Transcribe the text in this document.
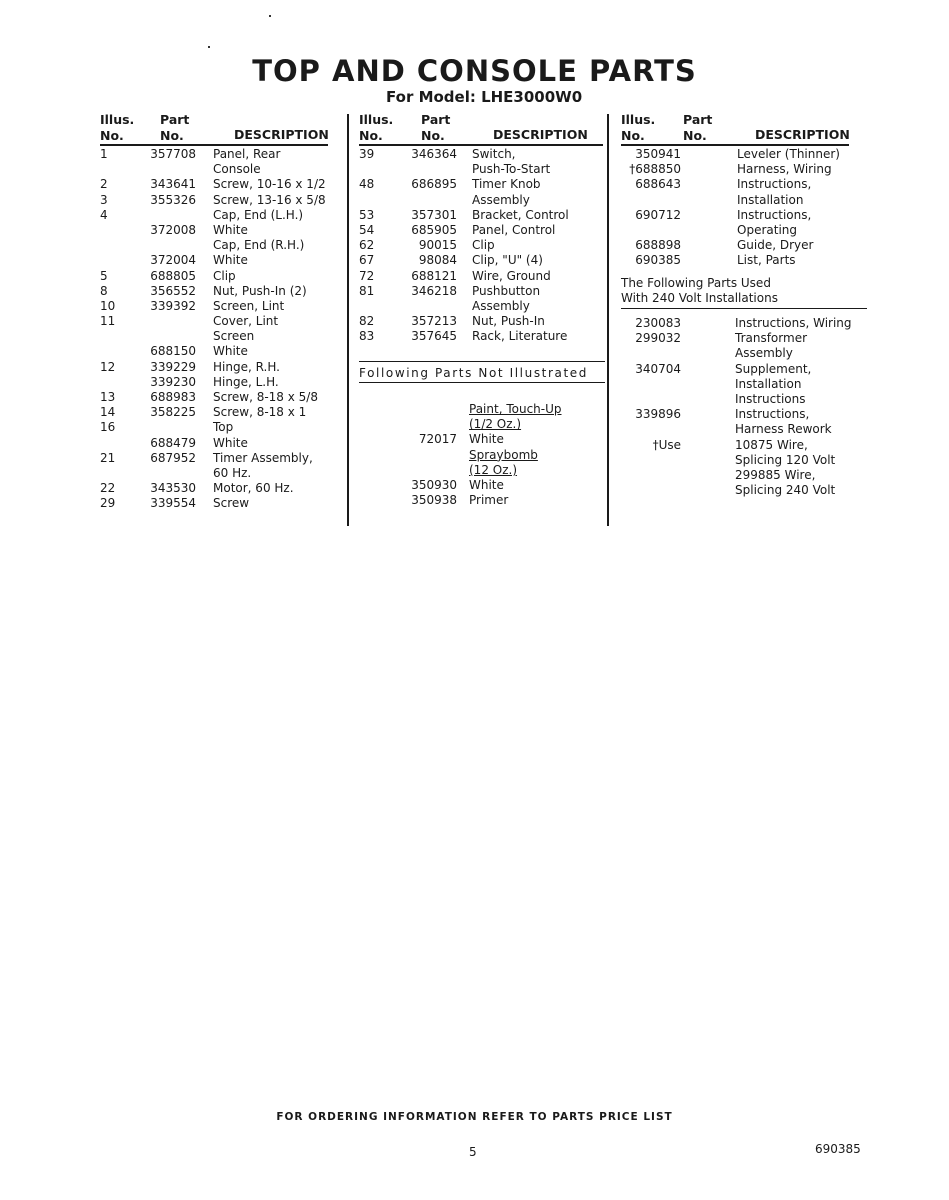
TOP AND CONSOLE PARTS
For Model: LHE3000W0
Illus.
No.
Part
No.	DESCRIPTION
1	357708 Panel, Rear
Console
2	343641 Screw, 10-16 x 1/2
3	355326 Screw, 13-16 x 5/8
4	Cap, End (L.H.)
372008 White
Cap, End (R.H.)
372004 White
5	688805 Clip
8	356552 Nut, Push-In (2)
10	339392 Screen, Lint
11	Cover, Lint
Screen
688150 White
12	339229 Hinge, R.H.
339230 Hinge, L.H.
13	688983 Screw, 8-18 x 5/8
14	358225 Screw, 8-18 x 1
16	Top
688479 White
21	687952 Timer Assembly,
60 Hz.
22	343530 Motor, 60 Hz.
29	339554 Screw
Illus.
No.
Part
No.	DESCRIPTION
39	346364 Switch,
Push-To-Start
48	686895 Timer Knob
Assembly
53	357301 Bracket, Control
54	685905 Panel, Control
62	90015 Clip
67	98084 Clip, "U" (4)
72	688121 Wire, Ground
81	346218 Pushbutton
Assembly
82	357213 Nut, Push-In
83	357645 Rack, Literature
Following Parts Not Illustrated
Paint, Touch-Up
(1/2 Oz.)
72017 White
Spraybomb
(12 Oz.)
350930 White
350938 Primer
Illus.
No.
Part
No.	DESCRIPTION
350941	Leveler (Thinner)
†688850	Harness, Wiring
688643	Instructions,
Installation
690712	Instructions,
Operating
688898	Guide, Dryer
690385	List, Parts
The Following Parts Used
With 240 Volt Installations
230083	Instructions, Wiring
299032	Transformer
Assembly
340704	Supplement,
Installation
Instructions
339896	Instructions,
Harness Rework
†Use	10875 Wire,
Splicing 120 Volt
299885 Wire,
Splicing 240 Volt
FOR ORDERING INFORMATION REFER TO PARTS PRICE LIST
5	690385
